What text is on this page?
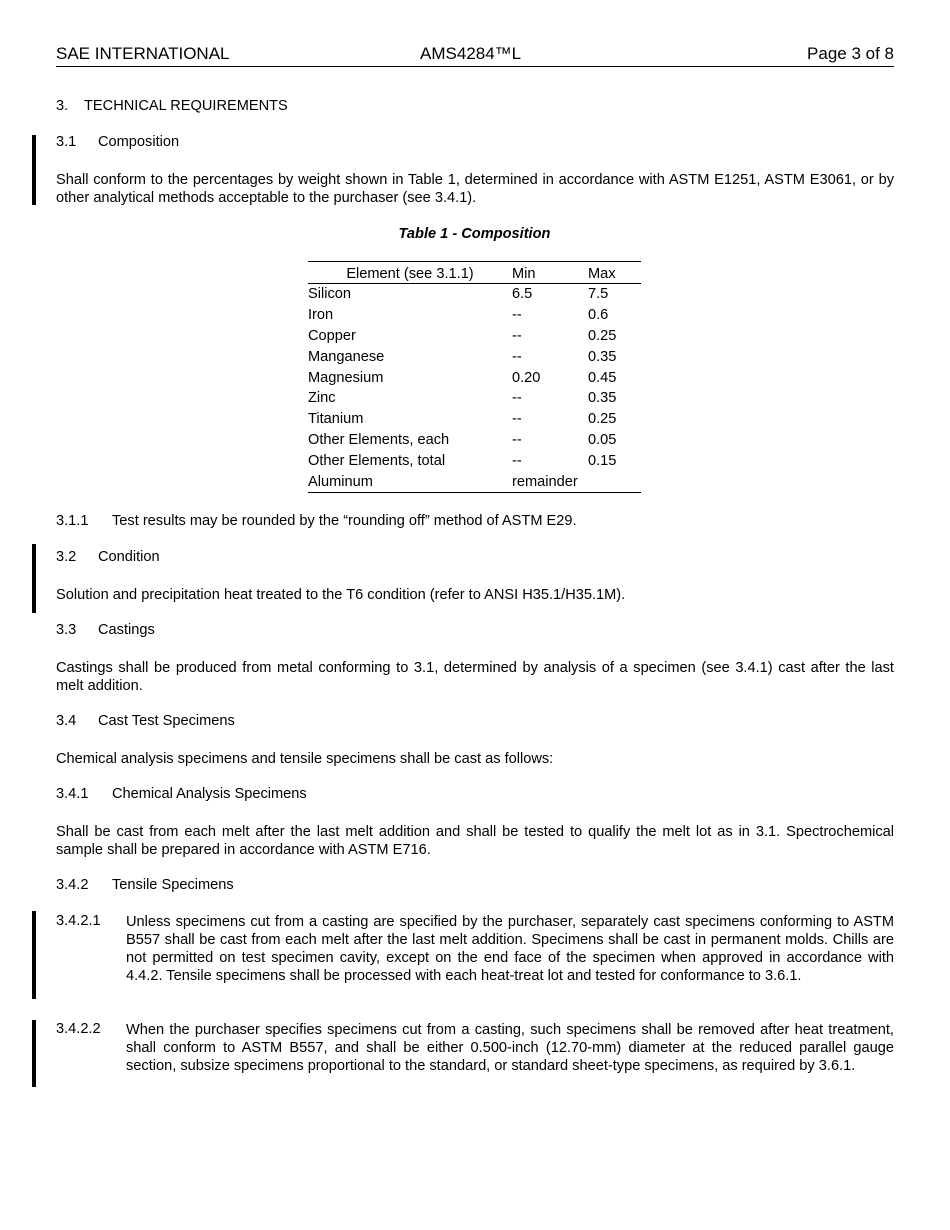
SAE INTERNATIONAL	AMS4284™L	Page 3 of 8
3. TECHNICAL REQUIREMENTS
3.1 Composition
Shall conform to the percentages by weight shown in Table 1, determined in accordance with ASTM E1251, ASTM E3061, or by other analytical methods acceptable to the purchaser (see 3.4.1).
Table 1 - Composition
Element (see 3.1.1)	Min	Max
Silicon	6.5	7.5
Iron	--	0.6
Copper	--	0.25
Manganese	--	0.35
Magnesium	0.20	0.45
Zinc	--	0.35
Titanium	--	0.25
Other Elements, each	--	0.05
Other Elements, total	--	0.15
Aluminum	remainder	
3.1.1 Test results may be rounded by the “rounding off” method of ASTM E29.
3.2 Condition
Solution and precipitation heat treated to the T6 condition (refer to ANSI H35.1/H35.1M).
3.3 Castings
Castings shall be produced from metal conforming to 3.1, determined by analysis of a specimen (see 3.4.1) cast after the last melt addition.
3.4 Cast Test Specimens
Chemical analysis specimens and tensile specimens shall be cast as follows:
3.4.1 Chemical Analysis Specimens
Shall be cast from each melt after the last melt addition and shall be tested to qualify the melt lot as in 3.1. Spectrochemical sample shall be prepared in accordance with ASTM E716.
3.4.2 Tensile Specimens
3.4.2.1 Unless specimens cut from a casting are specified by the purchaser, separately cast specimens conforming to ASTM B557 shall be cast from each melt after the last melt addition. Specimens shall be cast in permanent molds. Chills are not permitted on test specimen cavity, except on the end face of the specimen when approved in accordance with 4.4.2. Tensile specimens shall be processed with each heat-treat lot and tested for conformance to 3.6.1.
3.4.2.2 When the purchaser specifies specimens cut from a casting, such specimens shall be removed after heat treatment, shall conform to ASTM B557, and shall be either 0.500-inch (12.70-mm) diameter at the reduced parallel gauge section, subsize specimens proportional to the standard, or standard sheet-type specimens, as required by 3.6.1.
